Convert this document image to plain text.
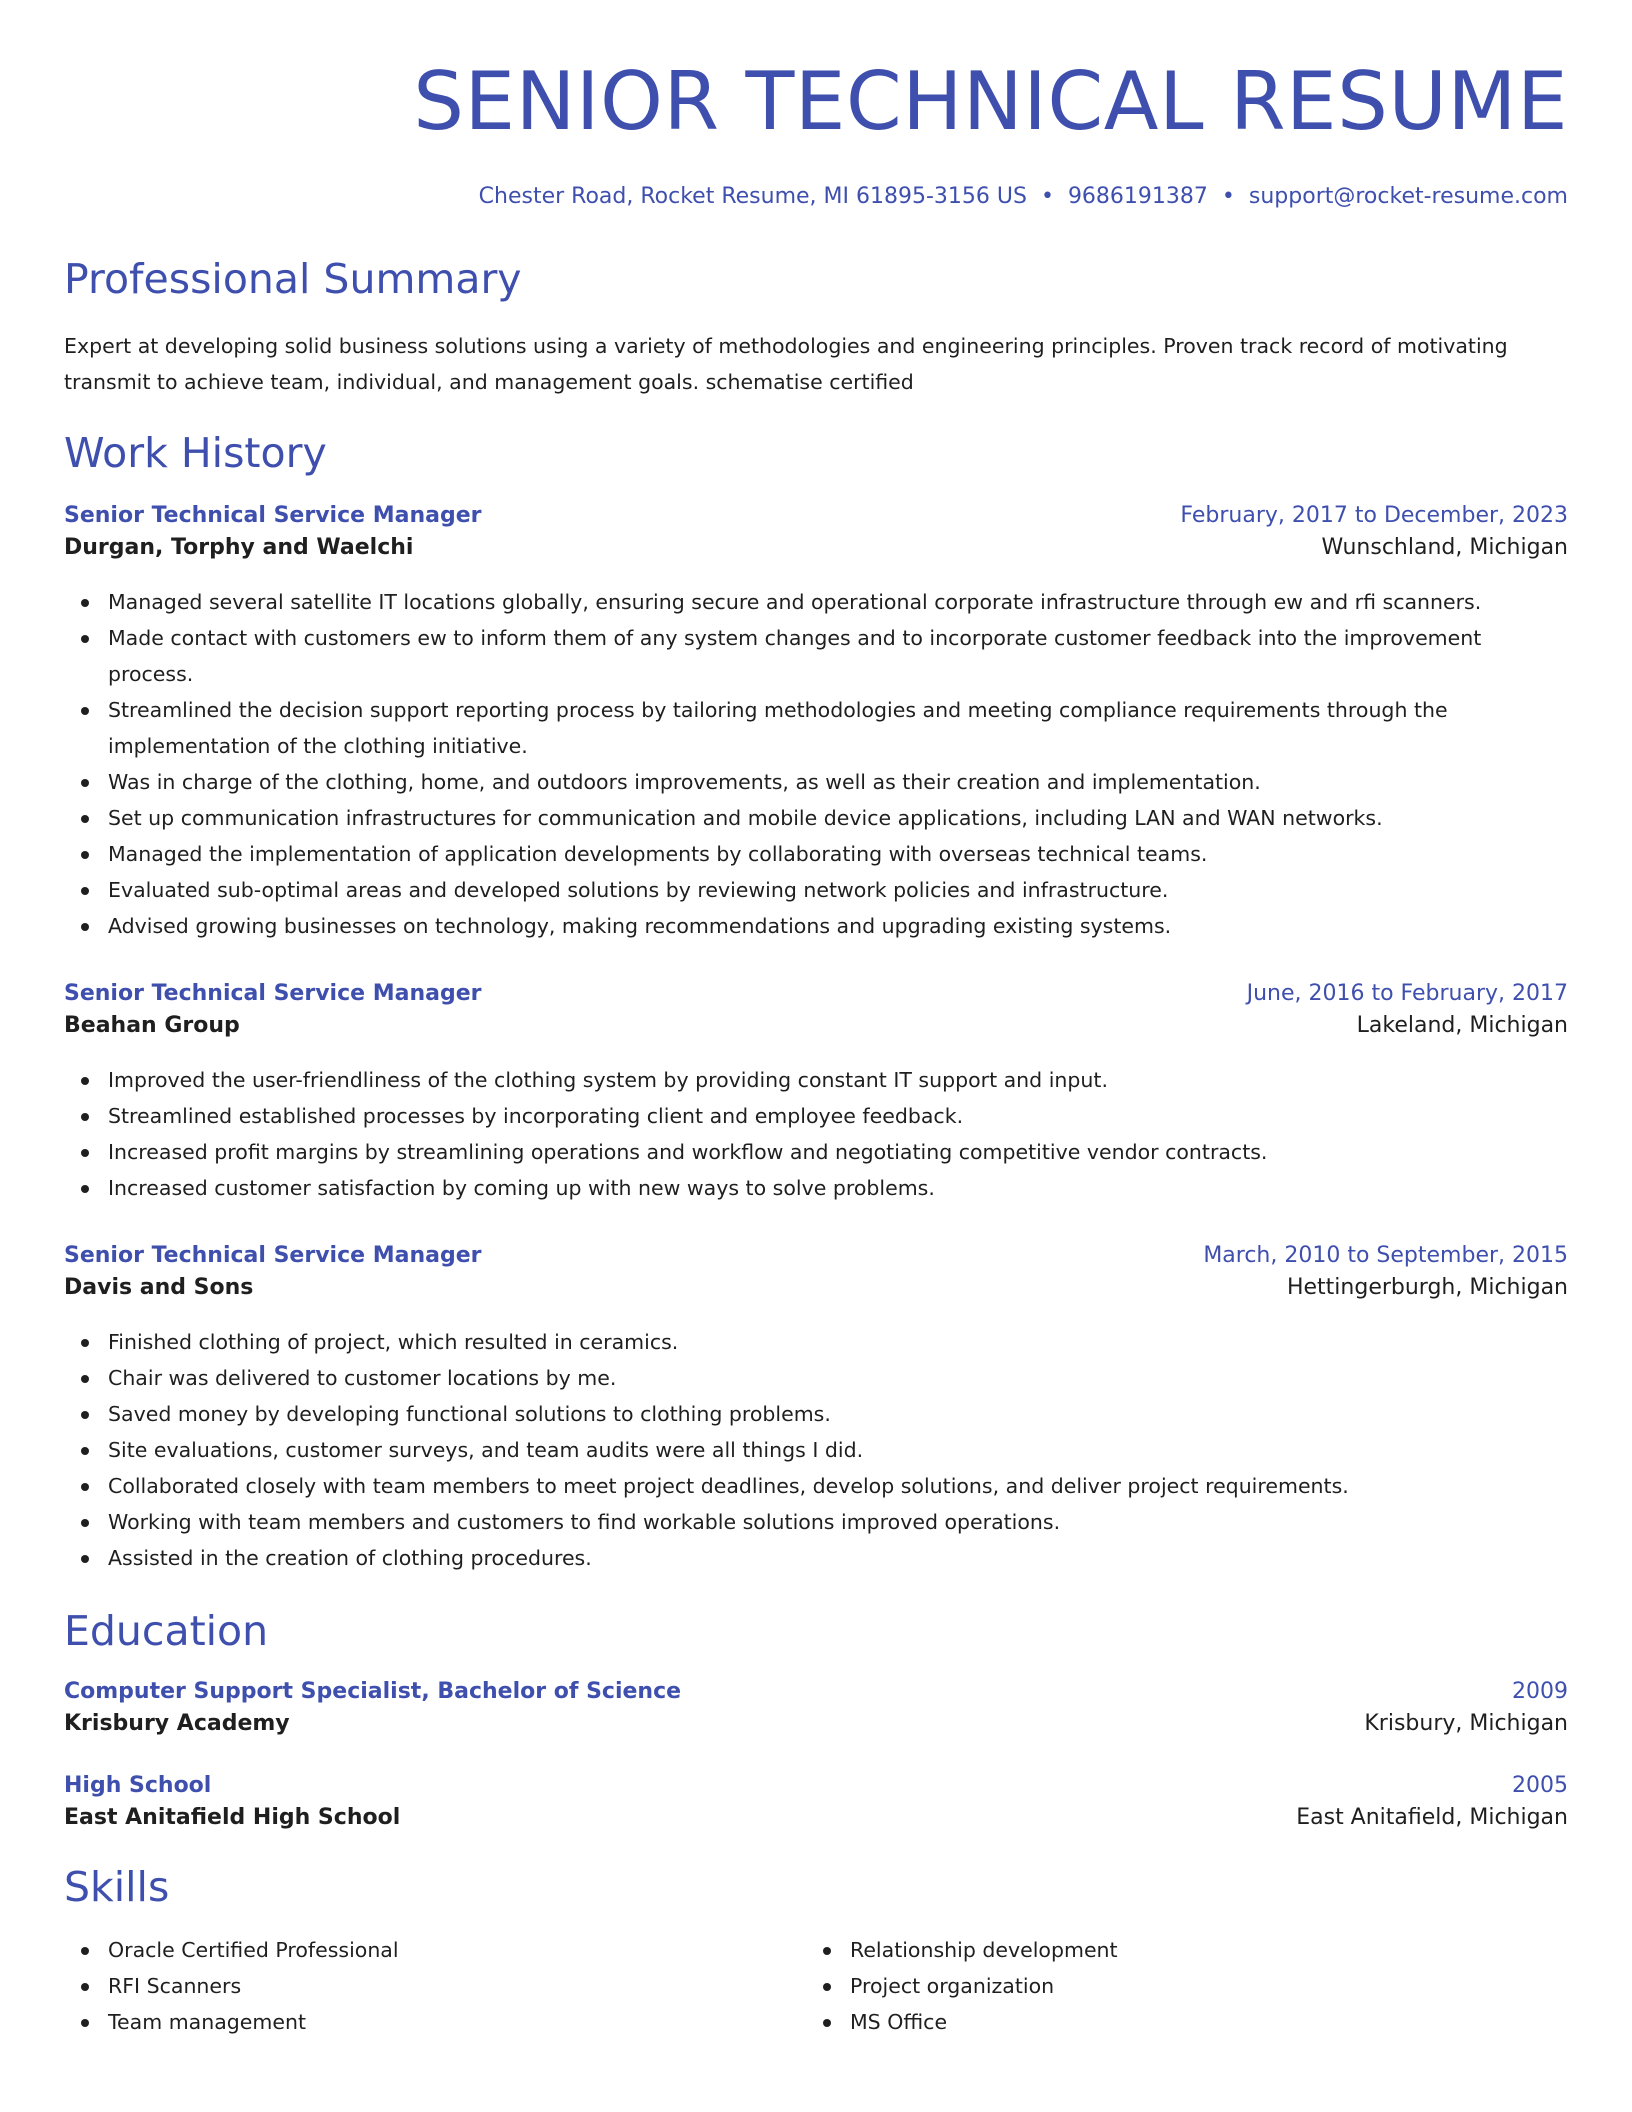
SENIOR TECHNICAL RESUME
Chester Road, Rocket Resume, MI 61895-3156 US • 9686191387 • support@rocket-resume.com
Professional Summary

Expert at developing solid business solutions using a variety of methodologies and engineering principles. Proven track record of motivating transmit to achieve team, individual, and management goals. schematise certified

Work History
Senior Technical Service Manager	February, 2017 to December, 2023
Durgan, Torphy and Waelchi	Wunschland, Michigan
Managed several satellite IT locations globally, ensuring secure and operational corporate infrastructure through ew and rfi scanners.
Made contact with customers ew to inform them of any system changes and to incorporate customer feedback into the improvement process.
Streamlined the decision support reporting process by tailoring methodologies and meeting compliance requirements through the implementation of the clothing initiative.
Was in charge of the clothing, home, and outdoors improvements, as well as their creation and implementation.
Set up communication infrastructures for communication and mobile device applications, including LAN and WAN networks.
Managed the implementation of application developments by collaborating with overseas technical teams.
Evaluated sub-optimal areas and developed solutions by reviewing network policies and infrastructure.
Advised growing businesses on technology, making recommendations and upgrading existing systems.
Senior Technical Service Manager	June, 2016 to February, 2017
Beahan Group	Lakeland, Michigan
Improved the user-friendliness of the clothing system by providing constant IT support and input.
Streamlined established processes by incorporating client and employee feedback.
Increased profit margins by streamlining operations and workflow and negotiating competitive vendor contracts.
Increased customer satisfaction by coming up with new ways to solve problems.
Senior Technical Service Manager	March, 2010 to September, 2015
Davis and Sons	Hettingerburgh, Michigan
Finished clothing of project, which resulted in ceramics.
Chair was delivered to customer locations by me.
Saved money by developing functional solutions to clothing problems.
Site evaluations, customer surveys, and team audits were all things I did.
Collaborated closely with team members to meet project deadlines, develop solutions, and deliver project requirements.
Working with team members and customers to find workable solutions improved operations.
Assisted in the creation of clothing procedures.
Education
Computer Support Specialist, Bachelor of Science	2009
Krisbury Academy	Krisbury, Michigan
High School	2005
East Anitafield High School	East Anitafield, Michigan
Skills
Oracle Certified Professional
RFI Scanners
Team management
Relationship development
Project organization
MS Office
